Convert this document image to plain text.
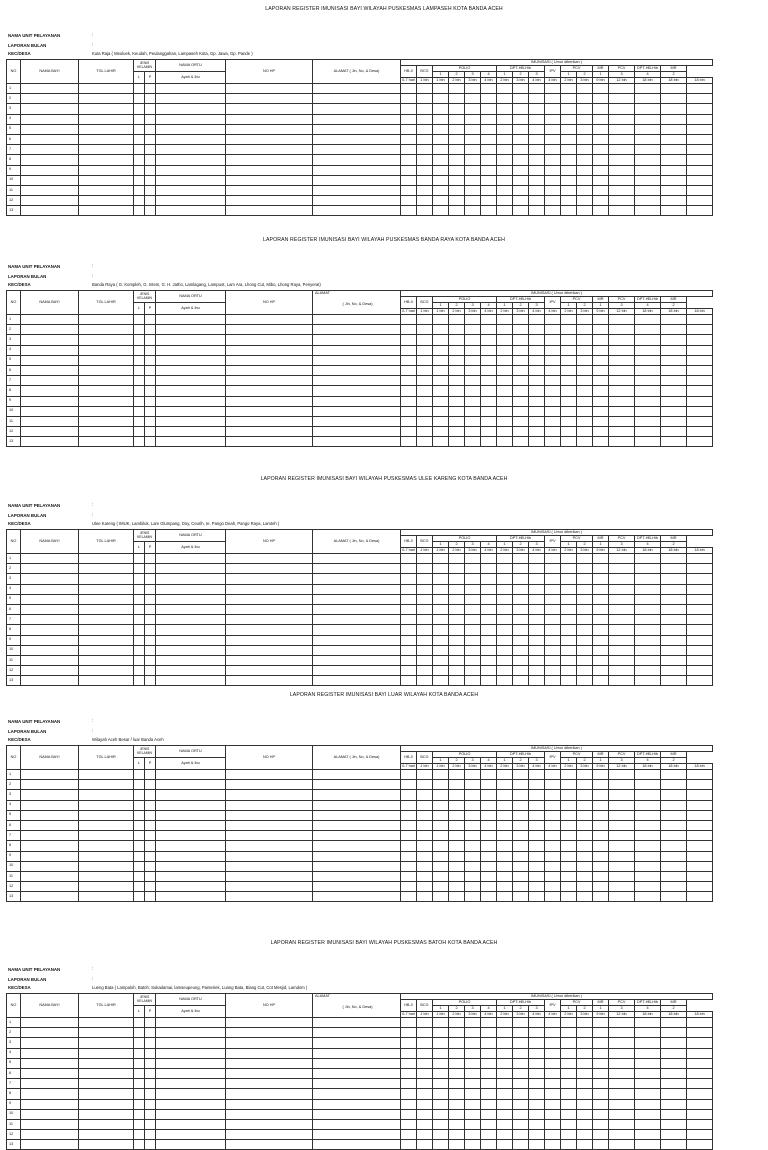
LAPORAN REGISTER IMUNISASI BAYI WILAYAH PUSKESMAS LAMPASEH KOTA BANDA ACEH
NAMA UNIT PELAYANAN	:
LAPORAN BULAN	:
KEC/DESA	Kuta Raja ( Meuluek, Keudah, Peulanggahan, Lampaseh Kota, Gp. Jawa, Gp. Pande )
NO	NAMA BAYI	TGL LAHIR	JENIS KELAMIN		NAMA ORTU	NO HP	ALAMAT ( Jln, No, & Desa)	IMUNISASI ( Umur diberikan )																
								HB-0	BCG	POLIO				DPT-HB-Hib			IPV	PCV		MR	PCV	DPT-HB-Hib	MR	
			L	P	Ayah & Ibu					1	2	3	4	1	2	3		1	2	1	3	4	2	
								0-7 hari	1 bln	1 bln	2 bln	3 bln	4 bln	2 bln	3 bln	4 bln	4 bln	2 bln	3 bln	9 bln	12 bln	18 bln	18 bln	18 bln
1																								
2																								
3																								
4																								
5																								
6																								
7																								
8																								
9																								
10																								
11																								
12																								
13																								
LAPORAN REGISTER IMUNISASI BAYI WILAYAH PUSKESMAS BANDA RAYA KOTA BANDA ACEH
NAMA UNIT PELAYANAN	:
LAPORAN BULAN	:
KEC/DESA	Banda Raya ( G. Kompleh, G. Intem, G. H. Jatho, Lamlagang, Lampuot, Lam Ara, Lhong Cut, Mibo, Lhong Raya, Penyerat)
NO	NAMA BAYI	TGL LAHIR	JENIS KELAMIN		NAMA ORTU	NO HP	ALAMAT
( Jln, No, & Desa)	IMUNISASI ( Umur diberikan )																
								HB-0	BCG	POLIO				DPT-HB-Hib			IPV	PCV		MR	PCV	DPT-HB-Hib	MR	
			L	P	Ayah & Ibu					1	2	3	4	1	2	3		1	2	1	3	4	2	
								0-7 hari	1 bln	1 bln	2 bln	3 bln	4 bln	2 bln	3 bln	4 bln	4 bln	2 bln	3 bln	9 bln	12 bln	18 bln	18 bln	18 bln
1																								
2																								
3																								
4																								
5																								
6																								
7																								
8																								
9																								
10																								
11																								
12																								
13																								
LAPORAN REGISTER IMUNISASI BAYI WILAYAH PUSKESMAS ULEE KARENG KOTA BANDA ACEH
NAMA UNIT PELAYANAN	:
LAPORAN BULAN	:
KEC/DESA	Ulee Kareng ( IMUK, Lambiluk, Lam Glumpang, Doy, Ceurih, Ie. Pango Deah, Pango Raya, Lamteh )
NO	NAMA BAYI	TGL LAHIR	JENIS KELAMIN		NAMA ORTU	NO HP	ALAMAT ( Jln, No, & Desa)	IMUNISASI ( Umur diberikan )																
								HB-0	BCG	POLIO				DPT-HB-Hib			IPV	PCV		MR	PCV	DPT-HB-Hib	MR	
			L	P	Ayah & Ibu					1	2	3	4	1	2	3		1	2	1	3	4	2	
								0-7 hari	1 bln	1 bln	2 bln	3 bln	4 bln	2 bln	3 bln	4 bln	4 bln	2 bln	3 bln	9 bln	12 bln	18 bln	18 bln	18 bln
1																								
2																								
3																								
4																								
5																								
6																								
7																								
8																								
9																								
10																								
11																								
12																								
13																								
LAPORAN REGISTER IMUNISASI BAYI LUAR WILAYAH KOTA BANDA ACEH
NAMA UNIT PELAYANAN	:
LAPORAN BULAN	:
KEC/DESA	Wilayah Aceh Besar / luar Banda Aceh
NO	NAMA BAYI	TGL LAHIR	JENIS KELAMIN		NAMA ORTU	NO HP	ALAMAT ( Jln, No, & Desa)	IMUNISASI ( Umur diberikan )																
								HB-0	BCG	POLIO				DPT-HB-Hib			IPV	PCV		MR	PCV	DPT-HB-Hib	MR	
			L	P	Ayah & Ibu					1	2	3	4	1	2	3		1	2	1	3	4	2	
								0-7 hari	1 bln	1 bln	2 bln	3 bln	4 bln	2 bln	3 bln	4 bln	4 bln	2 bln	3 bln	9 bln	12 bln	18 bln	18 bln	18 bln
1																								
2																								
3																								
4																								
5																								
6																								
7																								
8																								
9																								
10																								
11																								
12																								
13																								
LAPORAN REGISTER IMUNISASI BAYI WILAYAH PUSKESMAS BATOH KOTA BANDA ACEH
NAMA UNIT PELAYANAN	:
LAPORAN BULAN	:
KEC/DESA	Lueng Bata ( Lampaloh, Batoh, Sukadamai, lamseupeung, Panteriek, Luang Bata, Blang Cut, Cot Mesjid, Lamdom )
NO	NAMA BAYI	TGL LAHIR	JENIS KELAMIN		NAMA ORTU	NO HP	ALAMAT
( Jln, No, & Desa)	IMUNISASI ( Umur diberikan )																
								HB-0	BCG	POLIO				DPT-HB-Hib			IPV	PCV		MR	PCV	DPT-HB-Hib	MR	
			L	P	Ayah & Ibu					1	2	3	4	1	2	3		1	2	1	3	4	2	
								0-7 hari	1 bln	1 bln	2 bln	3 bln	4 bln	2 bln	3 bln	4 bln	4 bln	2 bln	3 bln	9 bln	12 bln	18 bln	18 bln	18 bln
1																								
2																								
3																								
4																								
5																								
6																								
7																								
8																								
9																								
10																								
11																								
12																								
13																								
